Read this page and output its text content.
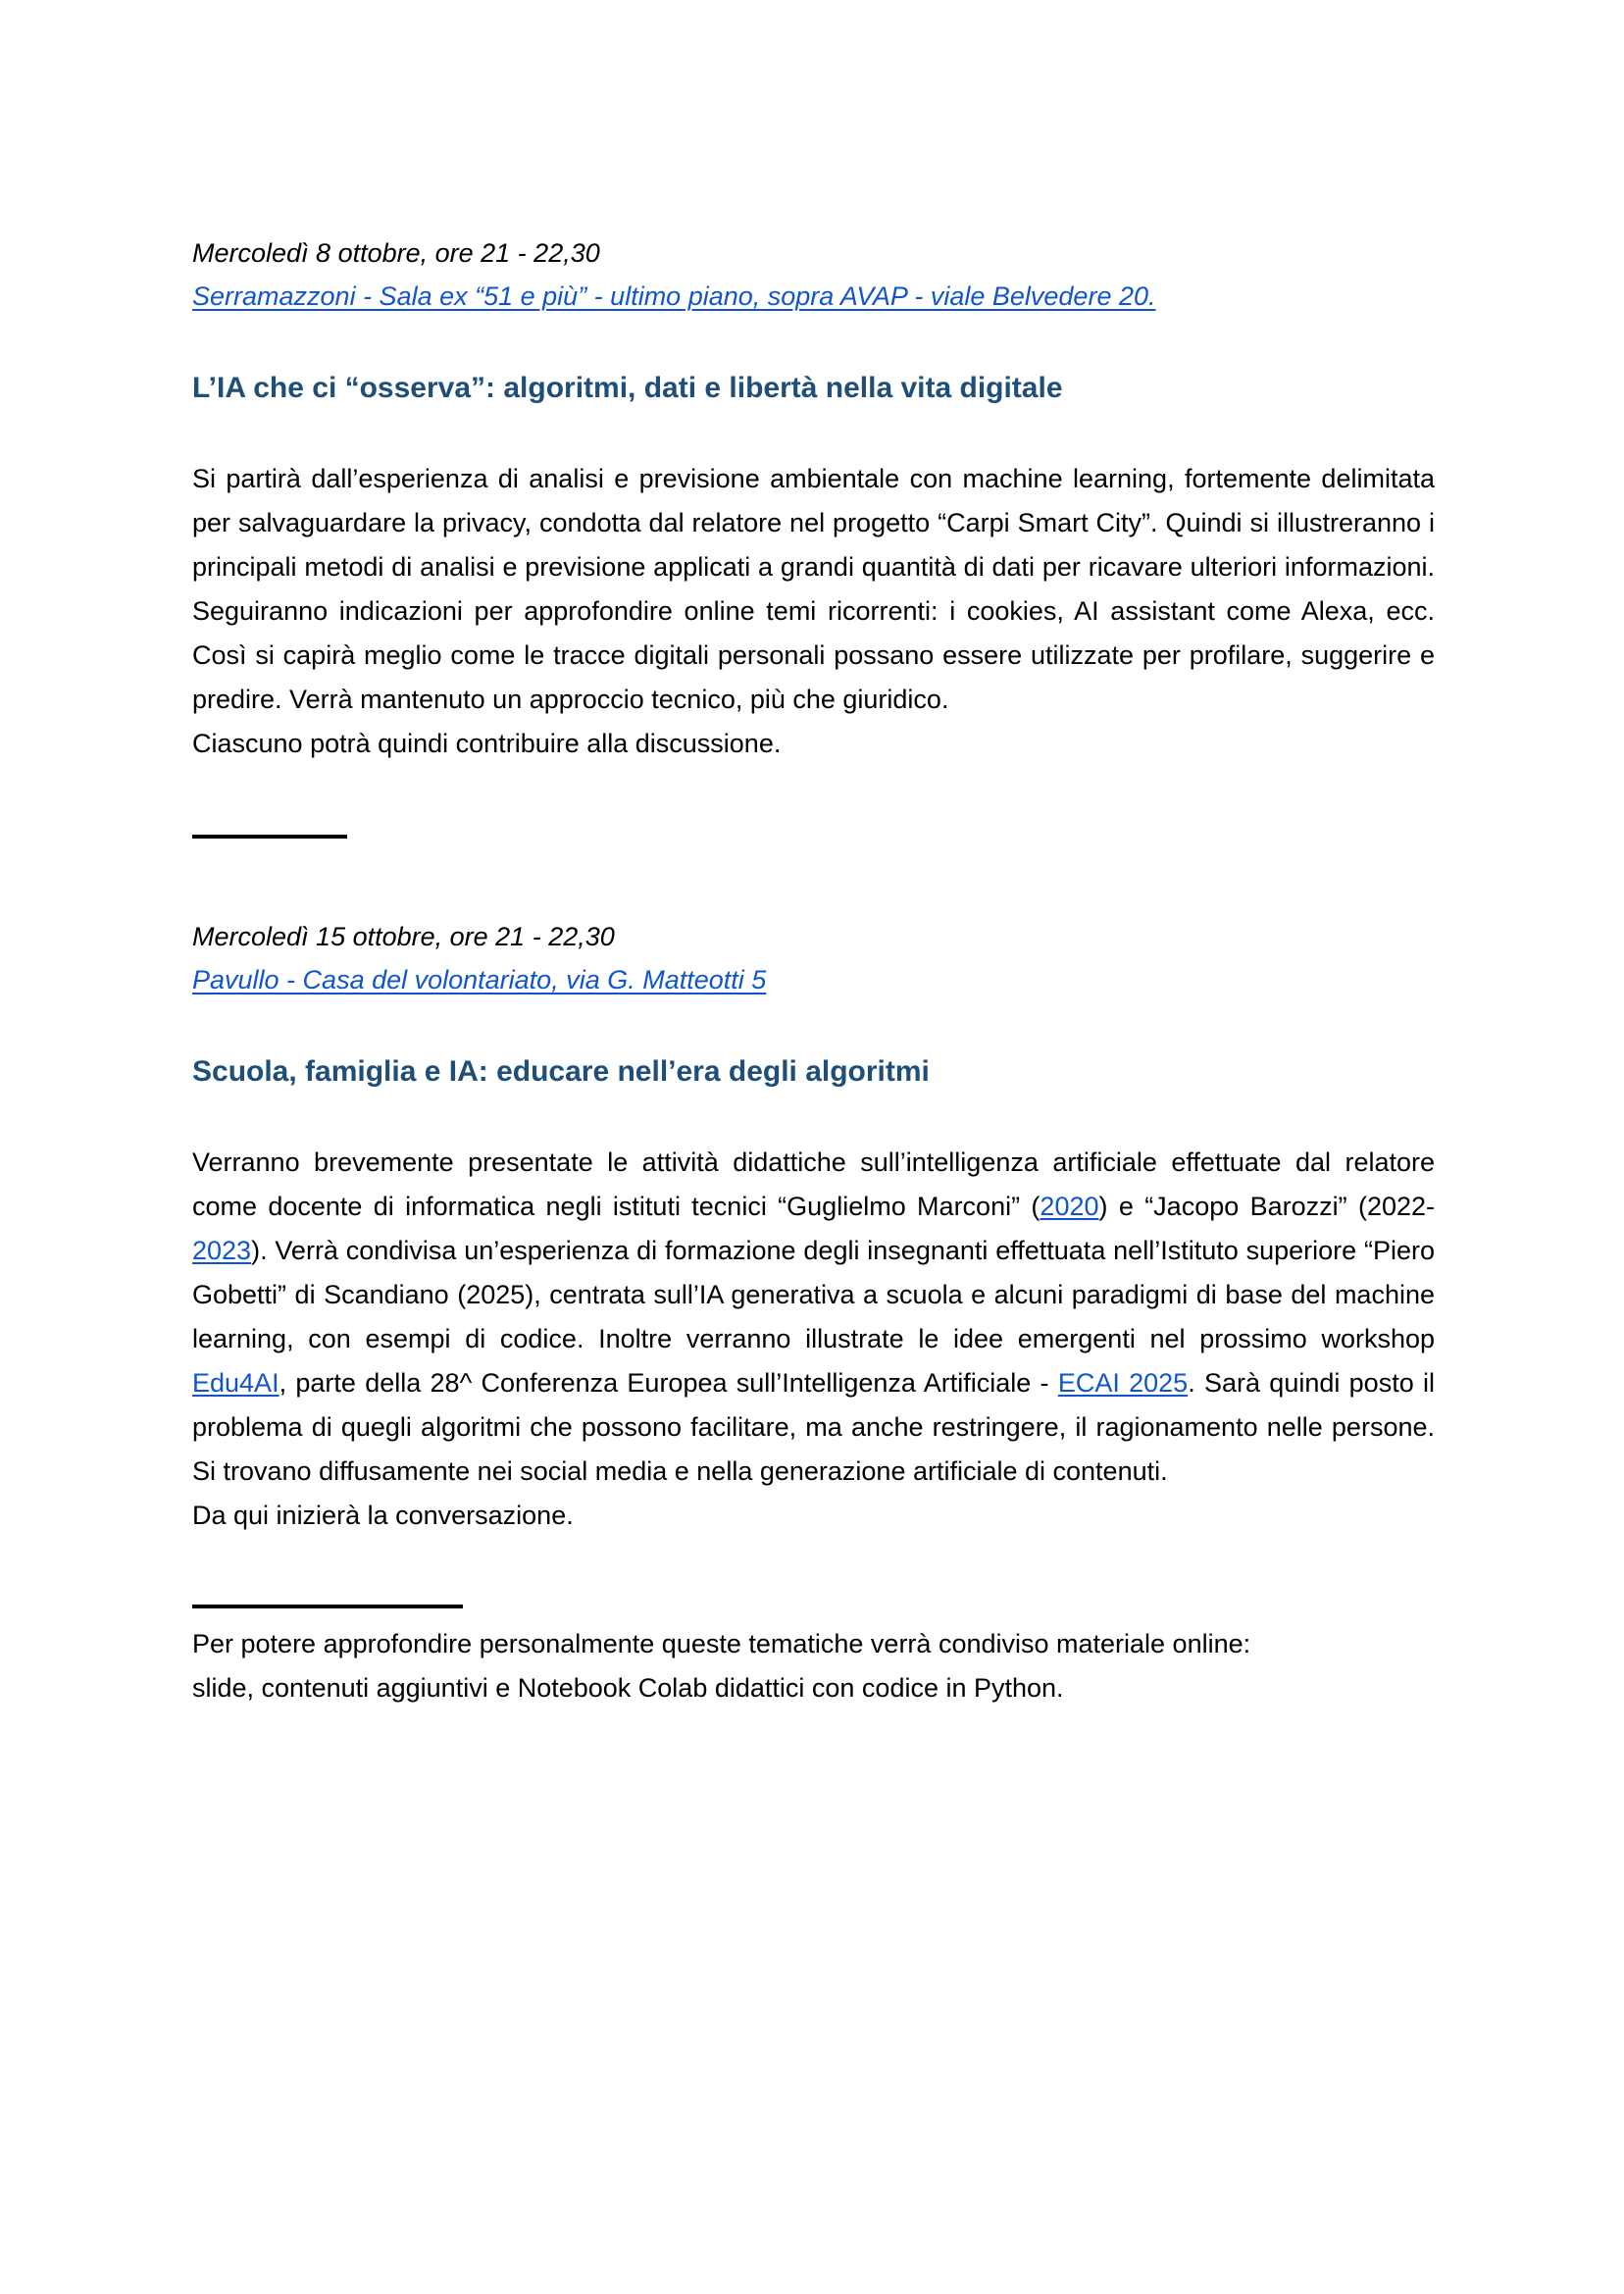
Mercoledì 8 ottobre, ore 21 - 22,30
Serramazzoni - Sala ex “51 e più” - ultimo piano, sopra AVAP - viale Belvedere 20.
L’IA che ci “osserva”: algoritmi, dati e libertà nella vita digitale

Si partirà dall’esperienza di analisi e previsione ambientale con machine learning, fortemente delimitata per salvaguardare la privacy, condotta dal relatore nel progetto “Carpi Smart City”. Quindi si illustreranno i principali metodi di analisi e previsione applicati a grandi quantità di dati per ricavare ulteriori informazioni. Seguiranno indicazioni per approfondire online temi ricorrenti: i cookies, AI assistant come Alexa, ecc. Così si capirà meglio come le tracce digitali personali possano essere utilizzate per profilare, suggerire e predire. Verrà mantenuto un approccio tecnico, più che giuridico.

Ciascuno potrà quindi contribuire alla discussione.

Mercoledì 15 ottobre, ore 21 - 22,30
Pavullo - Casa del volontariato, via G. Matteotti 5
Scuola, famiglia e IA: educare nell’era degli algoritmi

Verranno brevemente presentate le attività didattiche sull’intelligenza artificiale effettuate dal relatore come docente di informatica negli istituti tecnici “Guglielmo Marconi” (2020) e “Jacopo Barozzi” (2022-2023). Verrà condivisa un’esperienza di formazione degli insegnanti effettuata nell’Istituto superiore “Piero Gobetti” di Scandiano (2025), centrata sull’IA generativa a scuola e alcuni paradigmi di base del machine learning, con esempi di codice. Inoltre verranno illustrate le idee emergenti nel prossimo workshop Edu4AI, parte della 28^ Conferenza Europea sull’Intelligenza Artificiale - ECAI 2025. Sarà quindi posto il problema di quegli algoritmi che possono facilitare, ma anche restringere, il ragionamento nelle persone. Si trovano diffusamente nei social media e nella generazione artificiale di contenuti.

Da qui inizierà la conversazione.

Per potere approfondire personalmente queste tematiche verrà condiviso materiale online:

slide, contenuti aggiuntivi e Notebook Colab didattici con codice in Python.
